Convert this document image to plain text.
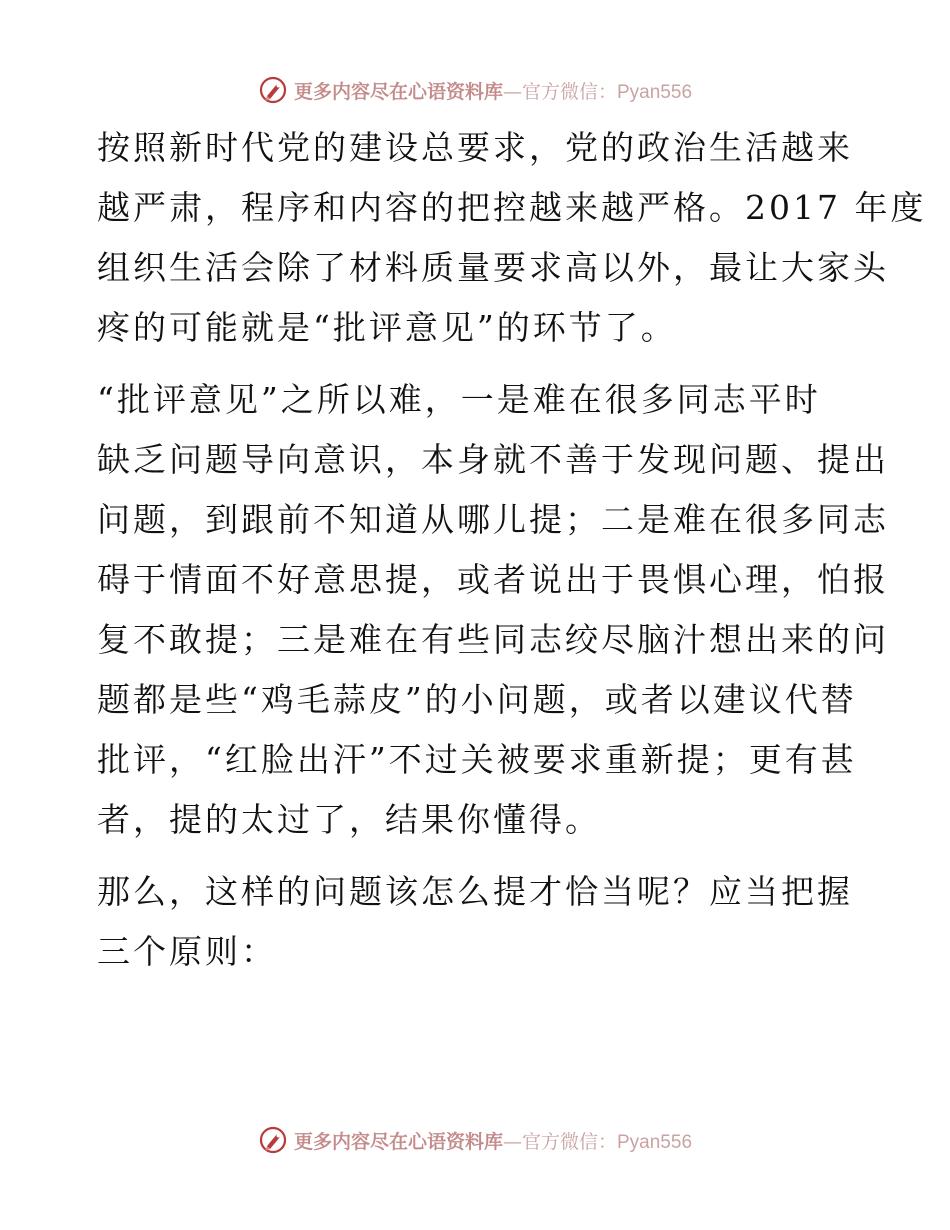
更多内容尽在心语资料库—官方微信：Pyan556

按照新时代党的建设总要求，党的政治生活越来
越严肃，程序和内容的把控越来越严格。2017 年度
组织生活会除了材料质量要求高以外，最让大家头
疼的可能就是“批评意见”的环节了。

“批评意见”之所以难，一是难在很多同志平时
缺乏问题导向意识，本身就不善于发现问题、提出
问题，到跟前不知道从哪儿提；二是难在很多同志
碍于情面不好意思提，或者说出于畏惧心理，怕报
复不敢提；三是难在有些同志绞尽脑汁想出来的问
题都是些“鸡毛蒜皮”的小问题，或者以建议代替
批评，“红脸出汗”不过关被要求重新提；更有甚
者，提的太过了，结果你懂得。

那么，这样的问题该怎么提才恰当呢？应当把握
三个原则：

更多内容尽在心语资料库—官方微信：Pyan556
